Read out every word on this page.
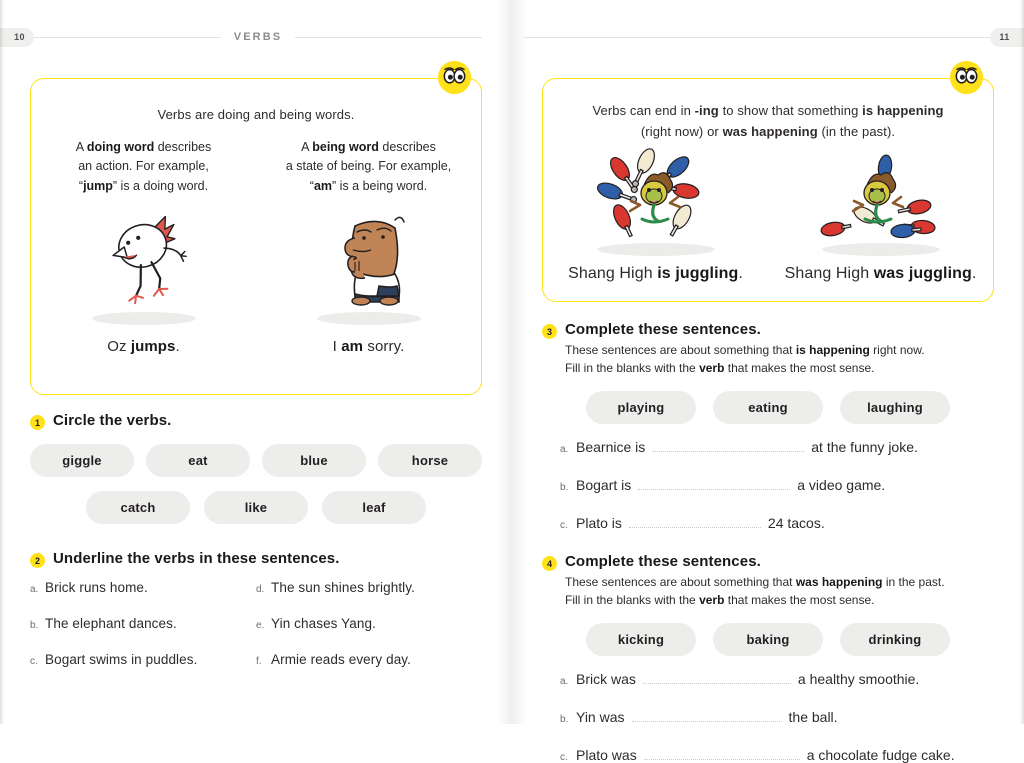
10	VERBS
Verbs are doing and being words.
A doing word describes
an action. For example,
“jump” is a doing word.
A being word describes
a state of being. For example,
“am” is a being word.
Oz jumps.	I am sorry.
1 Circle the verbs.
giggle	eat	blue	horse
catch	like	leaf
2 Underline the verbs in these sentences.
a. Brick runs home.	d. The sun shines brightly.
b. The elephant dances.	e. Yin chases Yang.
c. Bogart swims in puddles.	f. Armie reads every day.
11
Verbs can end in -ing to show that something is happening
(right now) or was happening (in the past).
Shang High is juggling.	Shang High was juggling.
3 Complete these sentences.
These sentences are about something that is happening right now.
Fill in the blanks with the verb that makes the most sense.
playing	eating	laughing
a. Bearnice is	at the funny joke.
b. Bogart is	a video game.
c. Plato is	24 tacos.
4 Complete these sentences.
These sentences are about something that was happening in the past.
Fill in the blanks with the verb that makes the most sense.
kicking	baking	drinking
a. Brick was	a healthy smoothie.
b. Yin was	the ball.
c. Plato was	a chocolate fudge cake.
